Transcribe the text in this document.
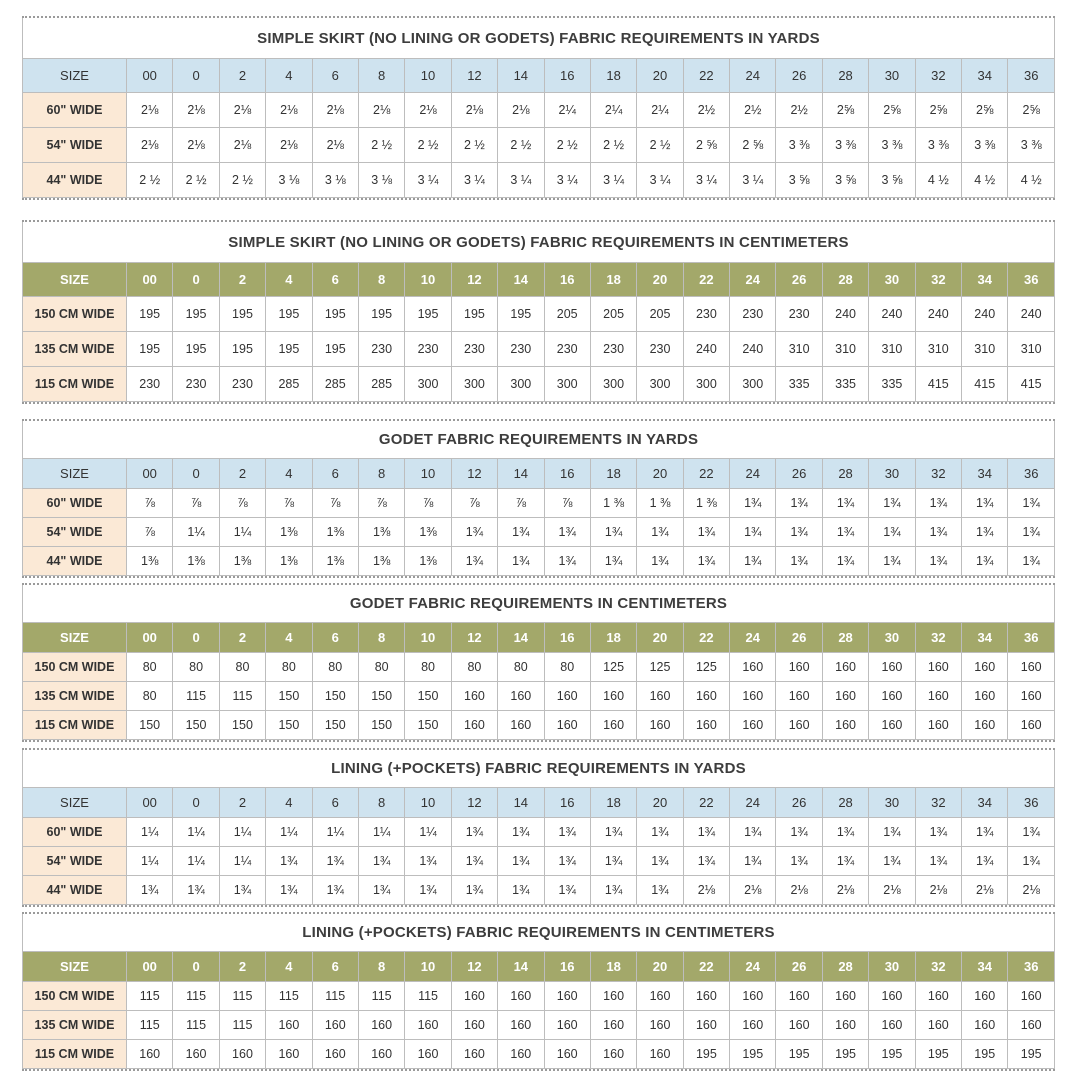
SIMPLE SKIRT (NO LINING OR GODETS) FABRIC REQUIREMENTS IN YARDS
SIZE	00	0	2	4	6	8	10	12	14	16	18	20	22	24	26	28	30	32	34	36
60" WIDE	2⅛	2⅛	2⅛	2⅛	2⅛	2⅛	2⅛	2⅛	2⅛	2¼	2¼	2¼	2½	2½	2½	2⅝	2⅝	2⅝	2⅝	2⅝
54" WIDE	2⅛	2⅛	2⅛	2⅛	2⅛	2 ½	2 ½	2 ½	2 ½	2 ½	2 ½	2 ½	2 ⅝	2 ⅝	3 ⅜	3 ⅜	3 ⅜	3 ⅜	3 ⅜	3 ⅜
44" WIDE	2 ½	2 ½	2 ½	3 ⅛	3 ⅛	3 ⅛	3 ¼	3 ¼	3 ¼	3 ¼	3 ¼	3 ¼	3 ¼	3 ¼	3 ⅝	3 ⅝	3 ⅝	4 ½	4 ½	4 ½
SIMPLE SKIRT (NO LINING OR GODETS) FABRIC REQUIREMENTS IN CENTIMETERS
SIZE	00	0	2	4	6	8	10	12	14	16	18	20	22	24	26	28	30	32	34	36
150 CM WIDE	195	195	195	195	195	195	195	195	195	205	205	205	230	230	230	240	240	240	240	240
135 CM WIDE	195	195	195	195	195	230	230	230	230	230	230	230	240	240	310	310	310	310	310	310
115 CM WIDE	230	230	230	285	285	285	300	300	300	300	300	300	300	300	335	335	335	415	415	415
GODET FABRIC REQUIREMENTS IN YARDS
SIZE	00	0	2	4	6	8	10	12	14	16	18	20	22	24	26	28	30	32	34	36
60" WIDE	⅞	⅞	⅞	⅞	⅞	⅞	⅞	⅞	⅞	⅞	1 ⅜	1 ⅜	1 ⅜	1¾	1¾	1¾	1¾	1¾	1¾	1¾
54" WIDE	⅞	1¼	1¼	1⅜	1⅜	1⅜	1⅜	1¾	1¾	1¾	1¾	1¾	1¾	1¾	1¾	1¾	1¾	1¾	1¾	1¾
44" WIDE	1⅜	1⅜	1⅜	1⅜	1⅜	1⅜	1⅜	1¾	1¾	1¾	1¾	1¾	1¾	1¾	1¾	1¾	1¾	1¾	1¾	1¾
GODET FABRIC REQUIREMENTS IN CENTIMETERS
SIZE	00	0	2	4	6	8	10	12	14	16	18	20	22	24	26	28	30	32	34	36
150 CM WIDE	80	80	80	80	80	80	80	80	80	80	125	125	125	160	160	160	160	160	160	160
135 CM WIDE	80	115	115	150	150	150	150	160	160	160	160	160	160	160	160	160	160	160	160	160
115 CM WIDE	150	150	150	150	150	150	150	160	160	160	160	160	160	160	160	160	160	160	160	160
LINING (+POCKETS) FABRIC REQUIREMENTS IN YARDS
SIZE	00	0	2	4	6	8	10	12	14	16	18	20	22	24	26	28	30	32	34	36
60" WIDE	1¼	1¼	1¼	1¼	1¼	1¼	1¼	1¾	1¾	1¾	1¾	1¾	1¾	1¾	1¾	1¾	1¾	1¾	1¾	1¾
54" WIDE	1¼	1¼	1¼	1¾	1¾	1¾	1¾	1¾	1¾	1¾	1¾	1¾	1¾	1¾	1¾	1¾	1¾	1¾	1¾	1¾
44" WIDE	1¾	1¾	1¾	1¾	1¾	1¾	1¾	1¾	1¾	1¾	1¾	1¾	2⅛	2⅛	2⅛	2⅛	2⅛	2⅛	2⅛	2⅛
LINING (+POCKETS) FABRIC REQUIREMENTS IN CENTIMETERS
SIZE	00	0	2	4	6	8	10	12	14	16	18	20	22	24	26	28	30	32	34	36
150 CM WIDE	115	115	115	115	115	115	115	160	160	160	160	160	160	160	160	160	160	160	160	160
135 CM WIDE	115	115	115	160	160	160	160	160	160	160	160	160	160	160	160	160	160	160	160	160
115 CM WIDE	160	160	160	160	160	160	160	160	160	160	160	160	195	195	195	195	195	195	195	195
